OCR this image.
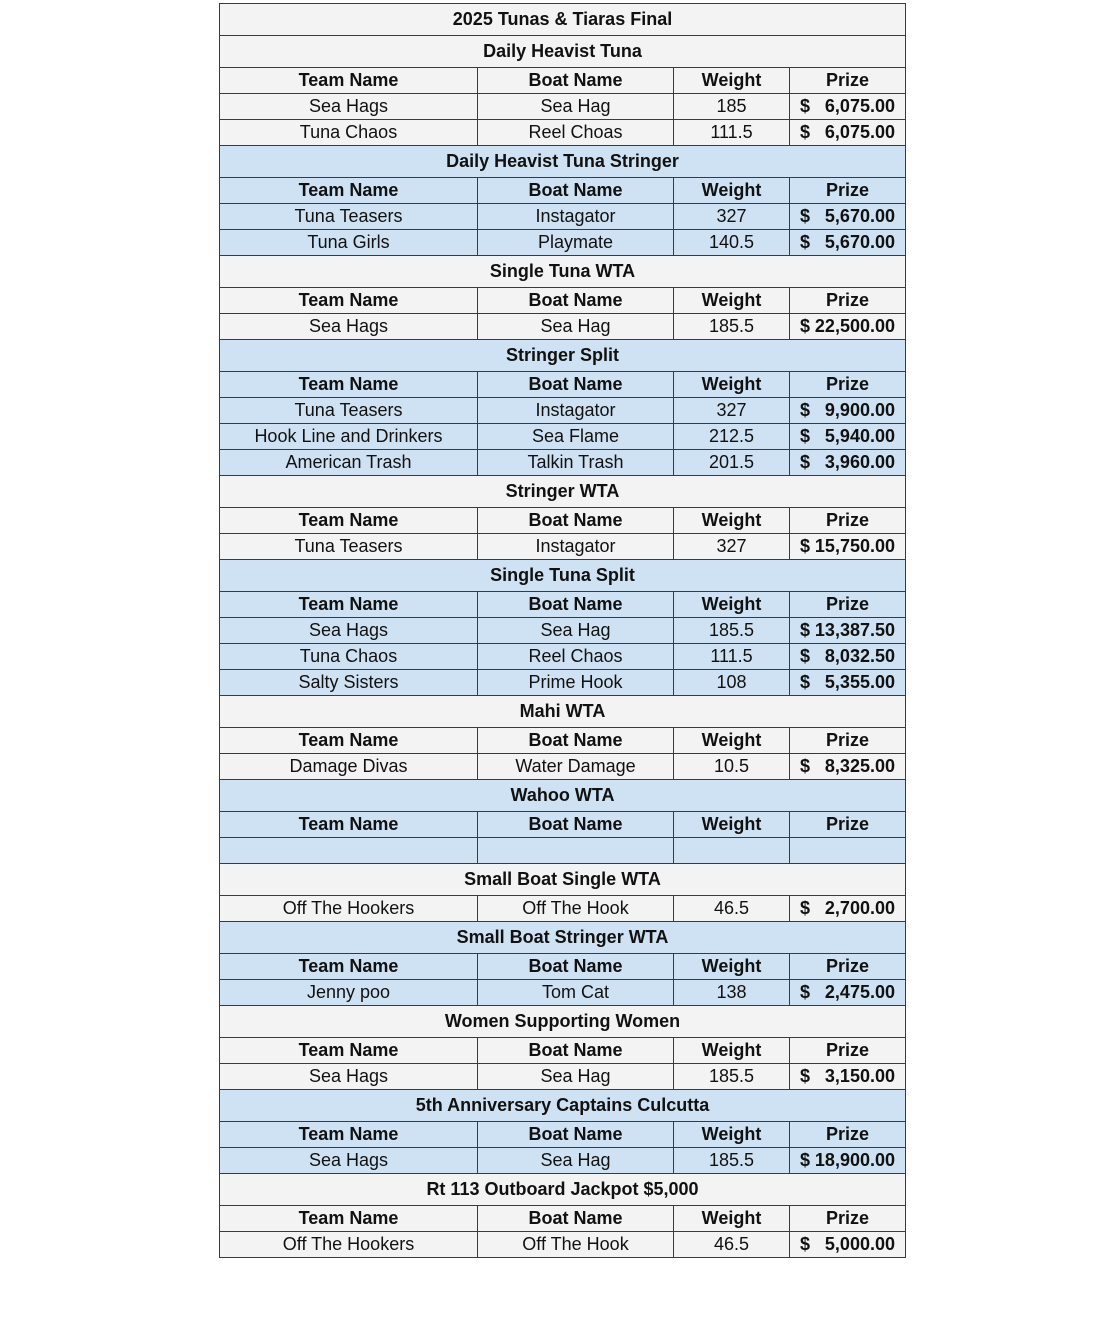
2025 Tunas & Tiaras Final			
Daily Heavist Tuna			
Team Name	Boat Name	Weight	Prize
Sea Hags	Sea Hag	185	$ 6,075.00

Tuna Chaos	Reel Choas	111.5	$ 6,075.00

Daily Heavist Tuna Stringer			
Team Name	Boat Name	Weight	Prize
Tuna Teasers	Instagator	327	$ 5,670.00

Tuna Girls	Playmate	140.5	$ 5,670.00

Single Tuna WTA			
Team Name	Boat Name	Weight	Prize
Sea Hags	Sea Hag	185.5	$ 22,500.00

Stringer Split			
Team Name	Boat Name	Weight	Prize
Tuna Teasers	Instagator	327	$ 9,900.00

Hook Line and Drinkers	Sea Flame	212.5	$ 5,940.00

American Trash	Talkin Trash	201.5	$ 3,960.00

Stringer WTA			
Team Name	Boat Name	Weight	Prize
Tuna Teasers	Instagator	327	$ 15,750.00

Single Tuna Split			
Team Name	Boat Name	Weight	Prize
Sea Hags	Sea Hag	185.5	$ 13,387.50

Tuna Chaos	Reel Chaos	111.5	$ 8,032.50

Salty Sisters	Prime Hook	108	$ 5,355.00

Mahi WTA			
Team Name	Boat Name	Weight	Prize
Damage Divas	Water Damage	10.5	$ 8,325.00

Wahoo WTA			
Team Name	Boat Name	Weight	Prize

Small Boat Single WTA			
Off The Hookers	Off The Hook	46.5	$ 2,700.00

Small Boat Stringer WTA			
Team Name	Boat Name	Weight	Prize
Jenny poo	Tom Cat	138	$ 2,475.00

Women Supporting Women			
Team Name	Boat Name	Weight	Prize
Sea Hags	Sea Hag	185.5	$ 3,150.00

5th Anniversary Captains Culcutta			
Team Name	Boat Name	Weight	Prize
Sea Hags	Sea Hag	185.5	$ 18,900.00

Rt 113 Outboard Jackpot $5,000			
Team Name	Boat Name	Weight	Prize
Off The Hookers	Off The Hook	46.5	$ 5,000.00
